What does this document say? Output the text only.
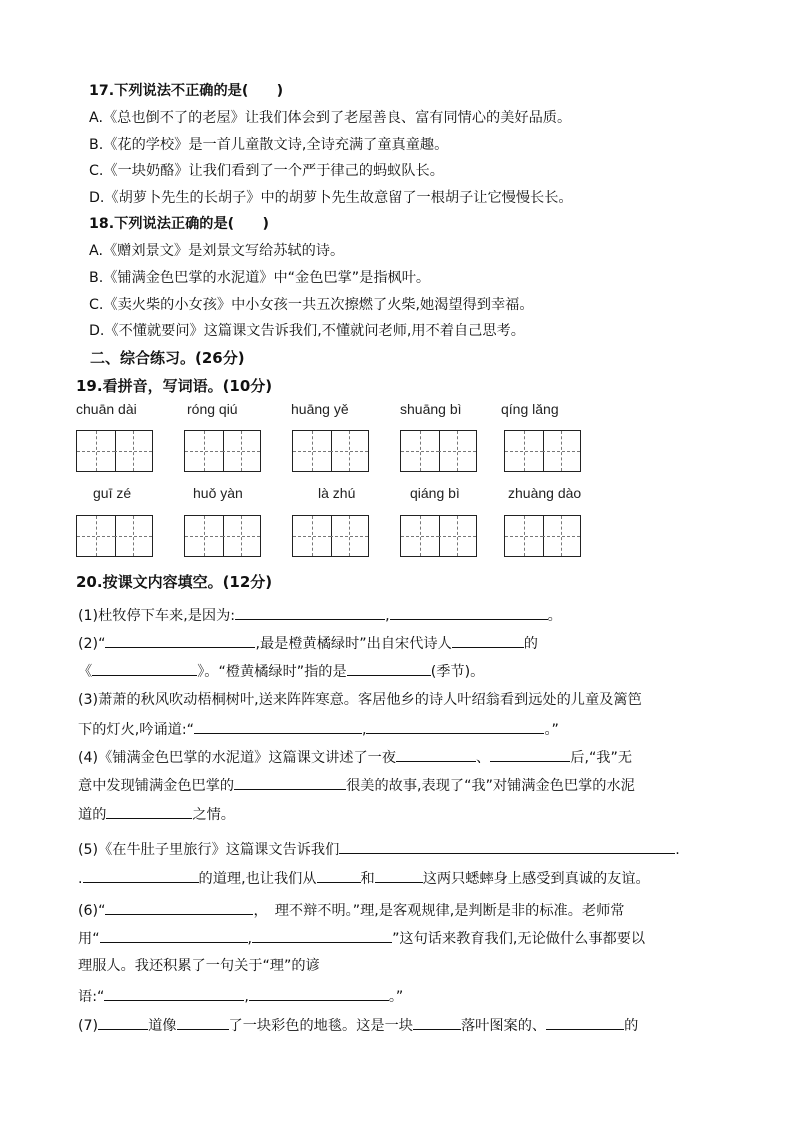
17.下列说法不正确的是(　　)
A.《总也倒不了的老屋》让我们体会到了老屋善良、富有同情心的美好品质。
B.《花的学校》是一首儿童散文诗,全诗充满了童真童趣。
C.《一块奶酪》让我们看到了一个严于律己的蚂蚁队长。
D.《胡萝卜先生的长胡子》中的胡萝卜先生故意留了一根胡子让它慢慢长长。
18.下列说法正确的是(　　)
A.《赠刘景文》是刘景文写给苏轼的诗。
B.《铺满金色巴掌的水泥道》中“金色巴掌”是指枫叶。
C.《卖火柴的小女孩》中小女孩一共五次擦燃了火柴,她渴望得到幸福。
D.《不懂就要问》这篇课文告诉我们,不懂就问老师,用不着自己思考。
二、综合练习。(26分)
19.看拼音，写词语。(10分)
chuān dài	róng qiú	huāng yě	shuāng bì	qíng lǎng
guī zé	huǒ yàn	là zhú	qiáng bì	zhuàng dào
20.按课文内容填空。(12分)
(1)杜牧停下车来,是因为:	,	。
(2)“	,最是橙黄橘绿时”出自宋代诗人	的
《	》。“橙黄橘绿时”指的是	(季节)。
(3)萧萧的秋风吹动梧桐树叶,送来阵阵寒意。客居他乡的诗人叶绍翁看到远处的儿童及篱笆
下的灯火,吟诵道:“	,	。”
(4)《铺满金色巴掌的水泥道》这篇课文讲述了一夜	、	后,“我”无
意中发现铺满金色巴掌的	很美的故事,表现了“我”对铺满金色巴掌的水泥
道的	之情。
(5)《在牛肚子里旅行》这篇课文告诉我们	.
.	的道理,也让我们从	和	这两只蟋蟀身上感受到真诚的友谊。
(6)“	，　理不辩不明。”理,是客观规律,是判断是非的标准。老师常
用“	,	”这句话来教育我们,无论做什么事都要以
理服人。我还积累了一句关于“理”的谚
语:“	,	。”
(7)	道像	了一块彩色的地毯。这是一块	落叶图案的、	的
